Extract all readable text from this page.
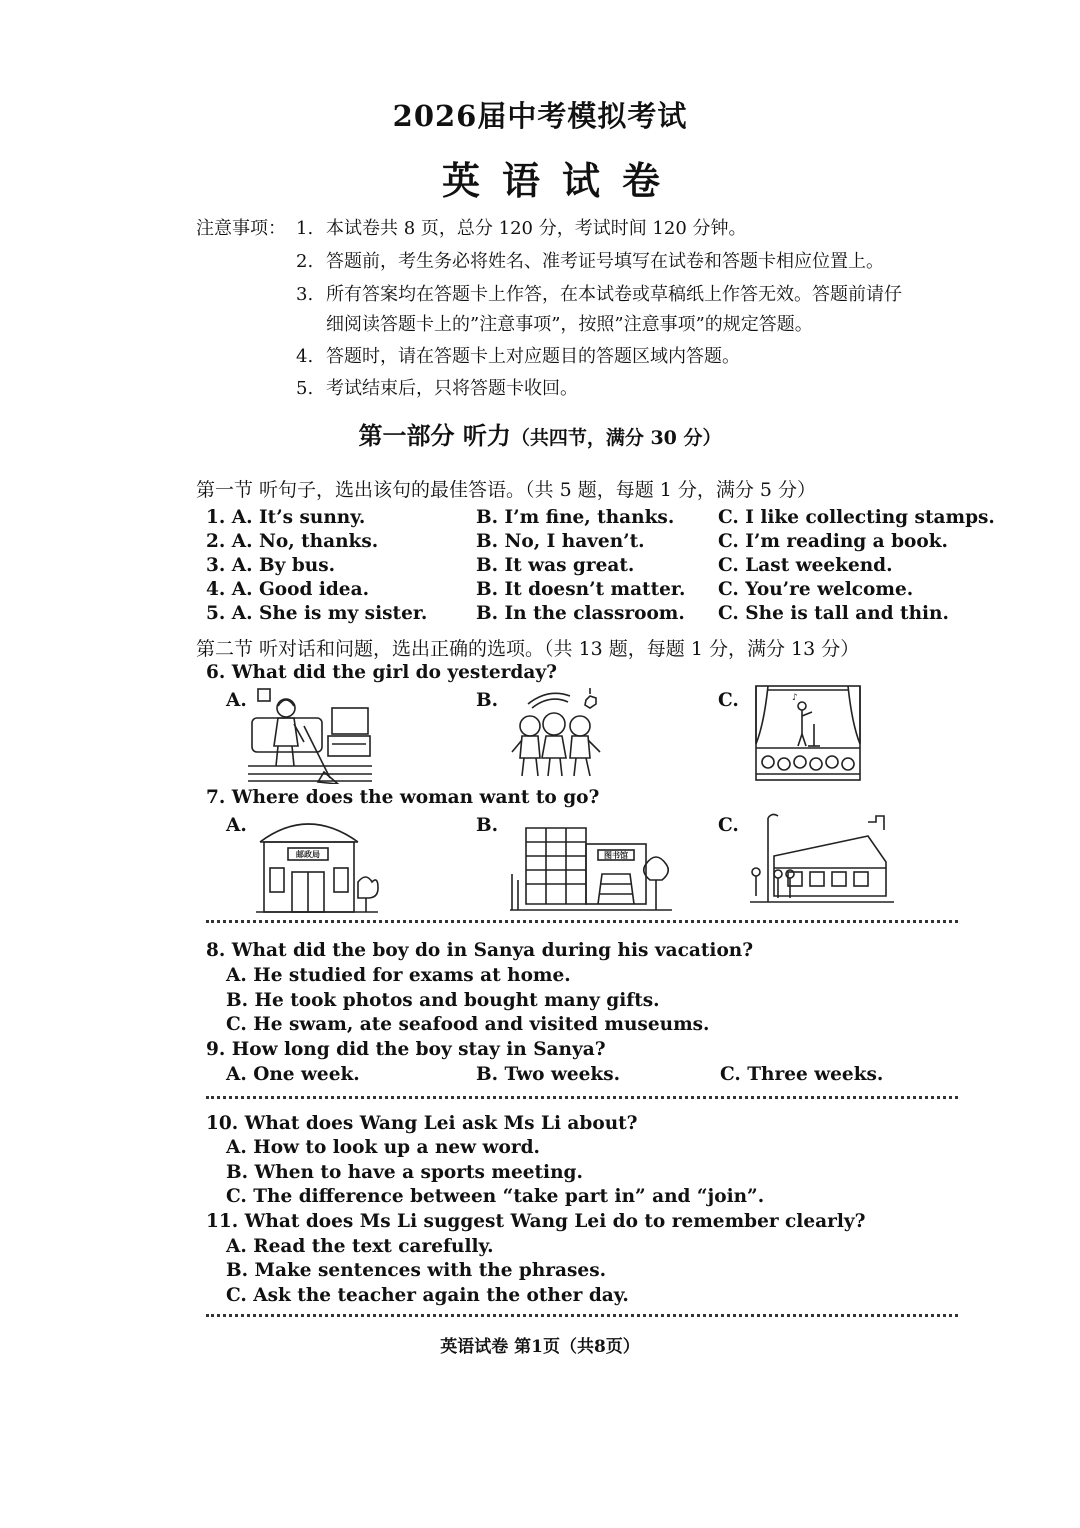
2026届中考模拟考试
英语试卷
注意事项： 1. 本试卷共 8 页，总分 120 分，考试时间 120 分钟。
2. 答题前，考生务必将姓名、准考证号填写在试卷和答题卡相应位置上。
3. 所有答案均在答题卡上作答，在本试卷或草稿纸上作答无效。答题前请仔
细阅读答题卡上的”注意事项”，按照”注意事项”的规定答题。
4. 答题时，请在答题卡上对应题目的答题区域内答题。
5. 考试结束后，只将答题卡收回。
第一部分 听力（共四节，满分 30 分）
第一节 听句子，选出该句的最佳答语。（共 5 题，每题 1 分，满分 5 分）
1. A. It’s sunny.	B. I’m fine, thanks. C. I like collecting stamps.
2. A. No, thanks.	B. No, I haven’t.	C. I’m reading a book.
3. A. By bus.	B. It was great.	C. Last weekend.
4. A. Good idea.	B. It doesn’t matter. C. You’re welcome.
5. A. She is my sister.	B. In the classroom. C. She is tall and thin.
第二节 听对话和问题，选出正确的选项。（共 13 题，每题 1 分，满分 13 分）
6. What did the girl do yesterday?
A.	B.	C.	♪
7. Where does the woman want to go?
A.	B.	C.
邮政局	图书馆
8. What did the boy do in Sanya during his vacation?
A. He studied for exams at home.
B. He took photos and bought many gifts.
C. He swam, ate seafood and visited museums.
9. How long did the boy stay in Sanya?
A. One week.	B. Two weeks.	C. Three weeks.
10. What does Wang Lei ask Ms Li about?
A. How to look up a new word.
B. When to have a sports meeting.
C. The difference between “take part in” and “join”.
11. What does Ms Li suggest Wang Lei do to remember clearly?
A. Read the text carefully.
B. Make sentences with the phrases.
C. Ask the teacher again the other day.
英语试卷 第1页（共8页）
